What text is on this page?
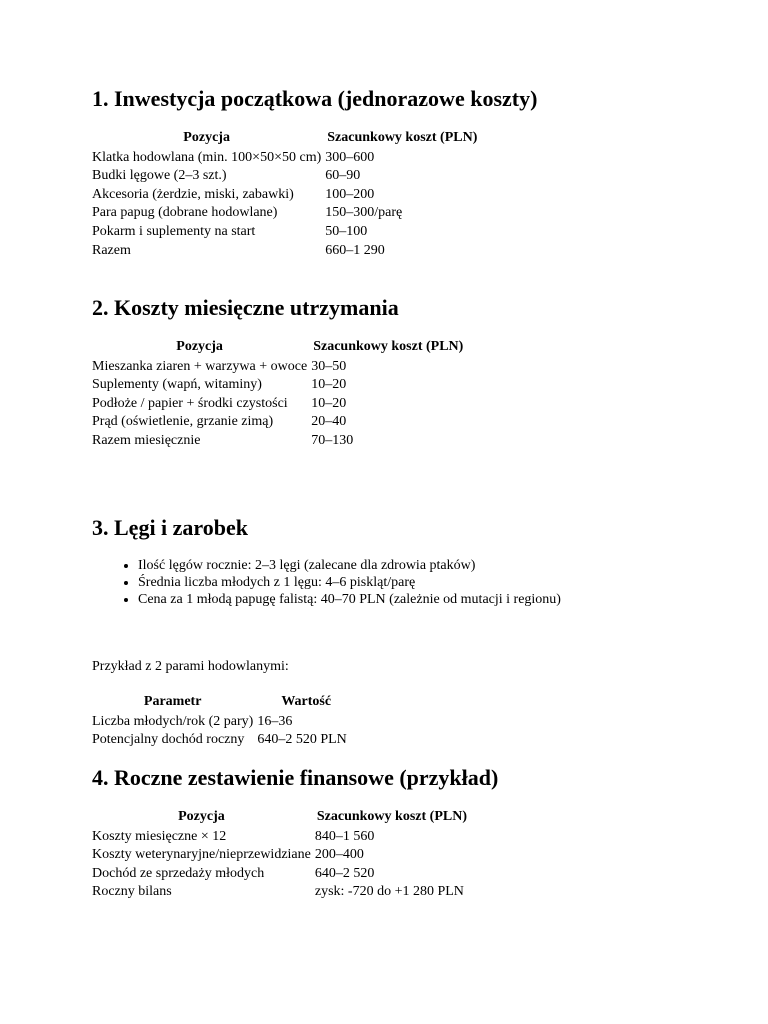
1. Inwestycja początkowa (jednorazowe koszty)
Pozycja	Szacunkowy koszt (PLN)
Klatka hodowlana (min. 100×50×50 cm)	300–600
Budki lęgowe (2–3 szt.)	60–90
Akcesoria (żerdzie, miski, zabawki)	100–200
Para papug (dobrane hodowlane)	150–300/parę
Pokarm i suplementy na start	50–100
Razem	660–1 290
2. Koszty miesięczne utrzymania
Pozycja	Szacunkowy koszt (PLN)
Mieszanka ziaren + warzywa + owoce	30–50
Suplementy (wapń, witaminy)	10–20
Podłoże / papier + środki czystości	10–20
Prąd (oświetlenie, grzanie zimą)	20–40
Razem miesięcznie	70–130
3. Lęgi i zarobek
• Ilość lęgów rocznie: 2–3 lęgi (zalecane dla zdrowia ptaków)
• Średnia liczba młodych z 1 lęgu: 4–6 piskląt/parę
• Cena za 1 młodą papugę falistą: 40–70 PLN (zależnie od mutacji i regionu)

Przykład z 2 parami hodowlanymi:

Parametr	Wartość
Liczba młodych/rok (2 pary)	16–36
Potencjalny dochód roczny	640–2 520 PLN
4. Roczne zestawienie finansowe (przykład)
Pozycja	Szacunkowy koszt (PLN)
Koszty miesięczne × 12	840–1 560
Koszty weterynaryjne/nieprzewidziane	200–400
Dochód ze sprzedaży młodych	640–2 520
Roczny bilans	zysk: -720 do +1 280 PLN
